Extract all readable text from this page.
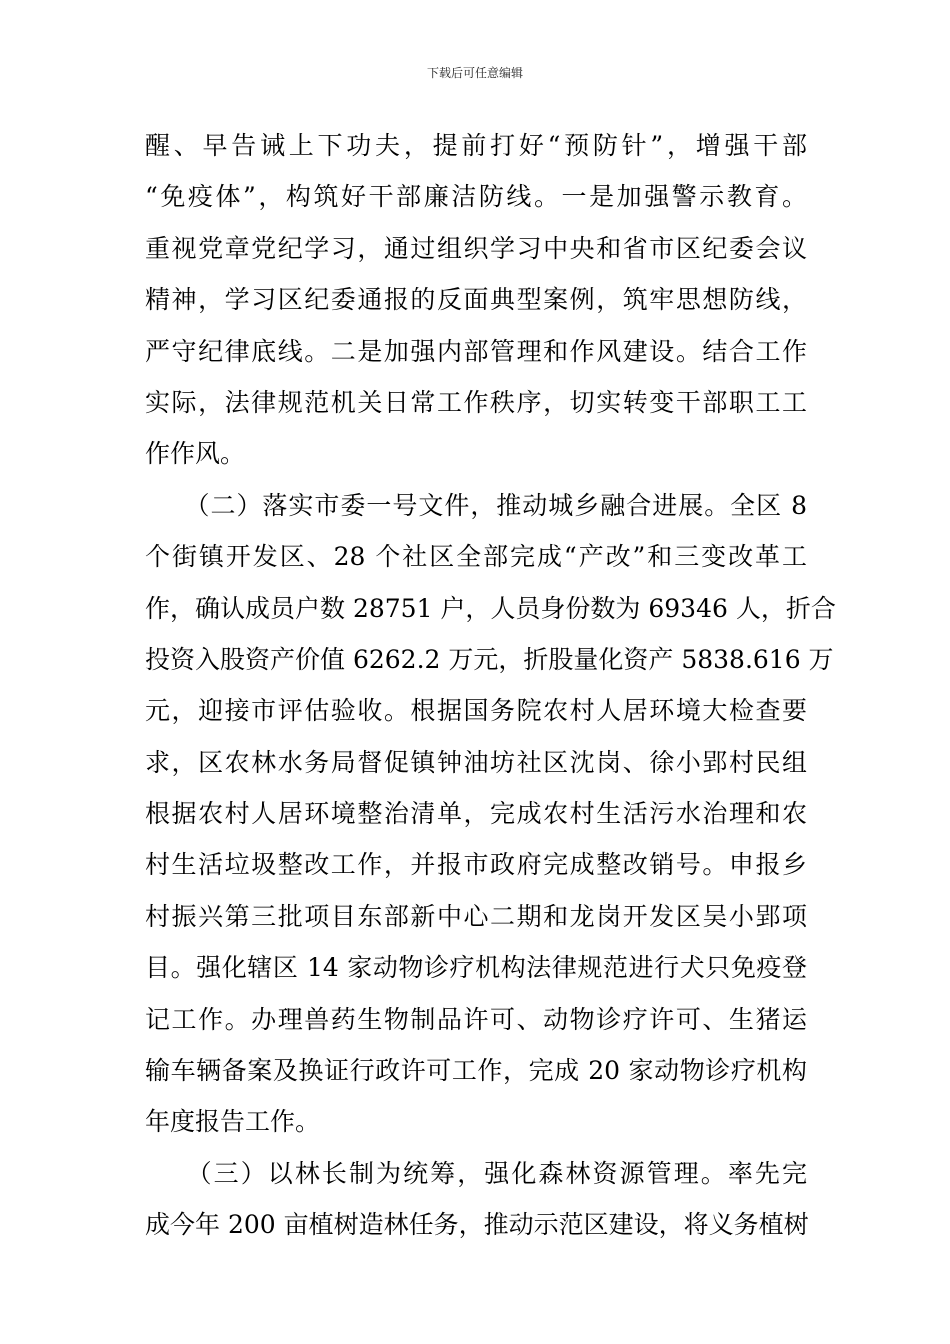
下载后可任意编辑
醒、早告诫上下功夫，提前打好“预防针”，增强干部
“免疫体”，构筑好干部廉洁防线。一是加强警示教育。
重视党章党纪学习，通过组织学习中央和省市区纪委会议
精神，学习区纪委通报的反面典型案例，筑牢思想防线，
严守纪律底线。二是加强内部管理和作风建设。结合工作
实际，法律规范机关日常工作秩序，切实转变干部职工工
作作风。
　　（二）落实市委一号文件，推动城乡融合进展。全区 8
个街镇开发区、28 个社区全部完成“产改”和三变改革工
作，确认成员户数 28751 户，人员身份数为 69346 人，折合
投资入股资产价值 6262.2 万元，折股量化资产 5838.616 万
元，迎接市评估验收。根据国务院农村人居环境大检查要
求，区农林水务局督促镇钟油坊社区沈岗、徐小郢村民组
根据农村人居环境整治清单，完成农村生活污水治理和农
村生活垃圾整改工作，并报市政府完成整改销号。申报乡
村振兴第三批项目东部新中心二期和龙岗开发区吴小郢项
目。强化辖区 14 家动物诊疗机构法律规范进行犬只免疫登
记工作。办理兽药生物制品许可、动物诊疗许可、生猪运
输车辆备案及换证行政许可工作，完成 20 家动物诊疗机构
年度报告工作。
　　（三）以林长制为统筹，强化森林资源管理。率先完
成今年 200 亩植树造林任务，推动示范区建设，将义务植树
